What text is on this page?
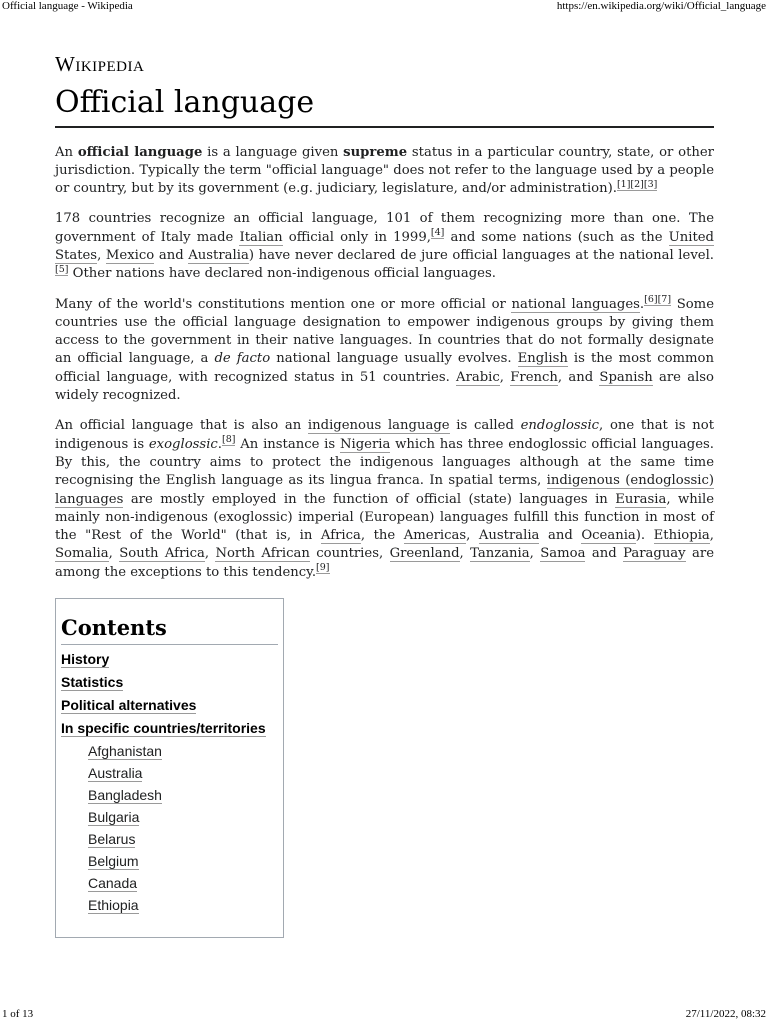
Official language - Wikipedia	https://en.wikipedia.org/wiki/Official_language
Wikipedia
Official language

An official language is a language given supreme status in a particular country, state, or other jurisdiction. Typically the term "official language" does not refer to the language used by a people or country, but by its government (e.g. judiciary, legislature, and/or administration).[1][2][3]

178 countries recognize an official language, 101 of them recognizing more than one. The government of Italy made Italian official only in 1999,[4] and some nations (such as the United States, Mexico and Australia) have never declared de jure official languages at the national level.[5] Other nations have declared non-indigenous official languages.

Many of the world's constitutions mention one or more official or national languages.[6][7] Some countries use the official language designation to empower indigenous groups by giving them access to the government in their native languages. In countries that do not formally designate an official language, a de facto national language usually evolves. English is the most common official language, with recognized status in 51 countries. Arabic, French, and Spanish are also widely recognized.

An official language that is also an indigenous language is called endoglossic, one that is not indigenous is exoglossic.[8] An instance is Nigeria which has three endoglossic official languages. By this, the country aims to protect the indigenous languages although at the same time recognising the English language as its lingua franca. In spatial terms, indigenous (endoglossic) languages are mostly employed in the function of official (state) languages in Eurasia, while mainly non-indigenous (exoglossic) imperial (European) languages fulfill this function in most of the "Rest of the World" (that is, in Africa, the Americas, Australia and Oceania). Ethiopia, Somalia, South Africa, North African countries, Greenland, Tanzania, Samoa and Paraguay are among the exceptions to this tendency.[9]

Contents
History
Statistics
Political alternatives
In specific countries/territories
Afghanistan
Australia
Bangladesh
Bulgaria
Belarus
Belgium
Canada
Ethiopia
1 of 13	27/11/2022, 08:32
